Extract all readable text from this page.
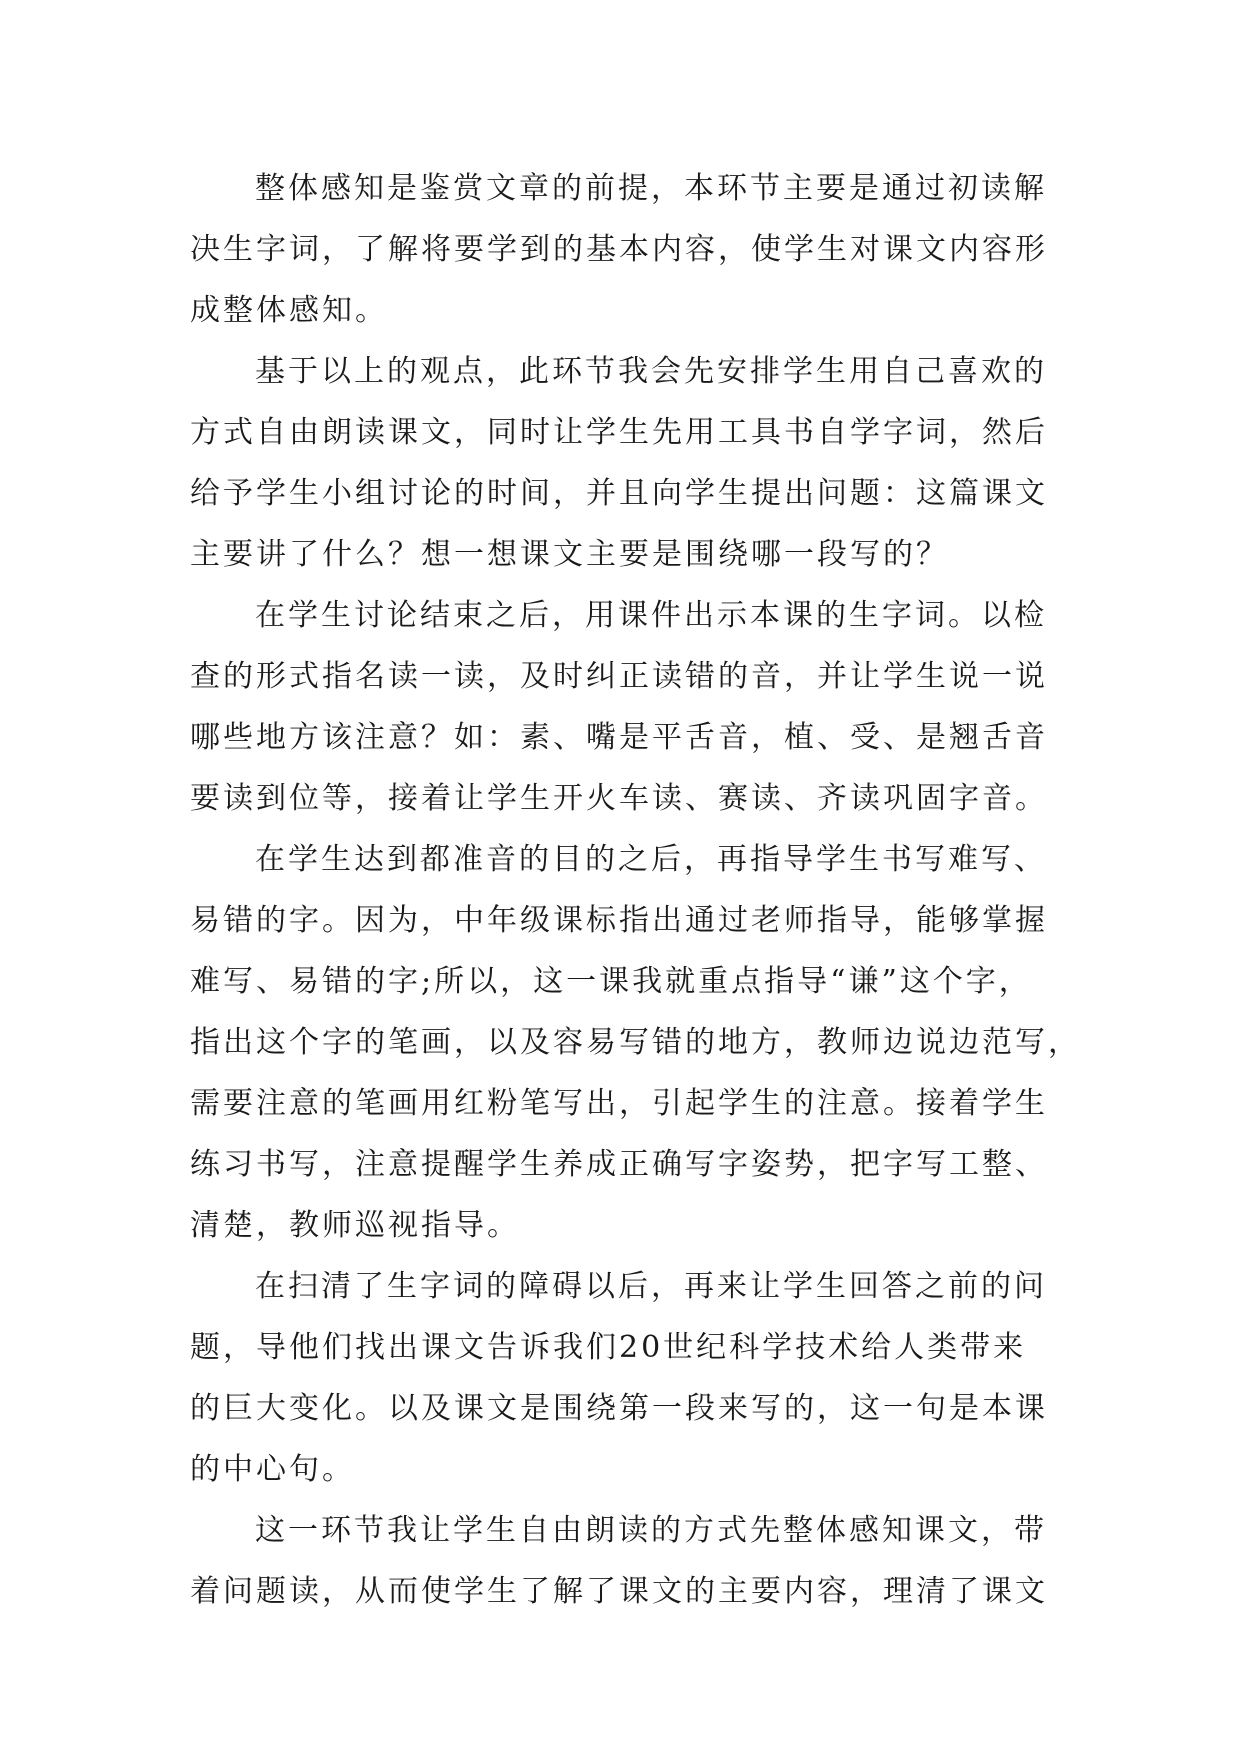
整体感知是鉴赏文章的前提，本环节主要是通过初读解
决生字词，了解将要学到的基本内容，使学生对课文内容形
成整体感知。
基于以上的观点，此环节我会先安排学生用自己喜欢的
方式自由朗读课文，同时让学生先用工具书自学字词，然后
给予学生小组讨论的时间，并且向学生提出问题：这篇课文
主要讲了什么？想一想课文主要是围绕哪一段写的？
在学生讨论结束之后，用课件出示本课的生字词。以检
查的形式指名读一读，及时纠正读错的音，并让学生说一说
哪些地方该注意？如：素、嘴是平舌音，植、受、是翘舌音
要读到位等，接着让学生开火车读、赛读、齐读巩固字音。
在学生达到都准音的目的之后，再指导学生书写难写、
易错的字。因为，中年级课标指出通过老师指导，能够掌握
难写、易错的字;所以，这一课我就重点指导“谦”这个字，
指出这个字的笔画，以及容易写错的地方，教师边说边范写，
需要注意的笔画用红粉笔写出，引起学生的注意。接着学生
练习书写，注意提醒学生养成正确写字姿势，把字写工整、
清楚，教师巡视指导。
在扫清了生字词的障碍以后，再来让学生回答之前的问
题，导他们找出课文告诉我们20世纪科学技术给人类带来
的巨大变化。以及课文是围绕第一段来写的，这一句是本课
的中心句。
这一环节我让学生自由朗读的方式先整体感知课文，带
着问题读，从而使学生了解了课文的主要内容，理清了课文
